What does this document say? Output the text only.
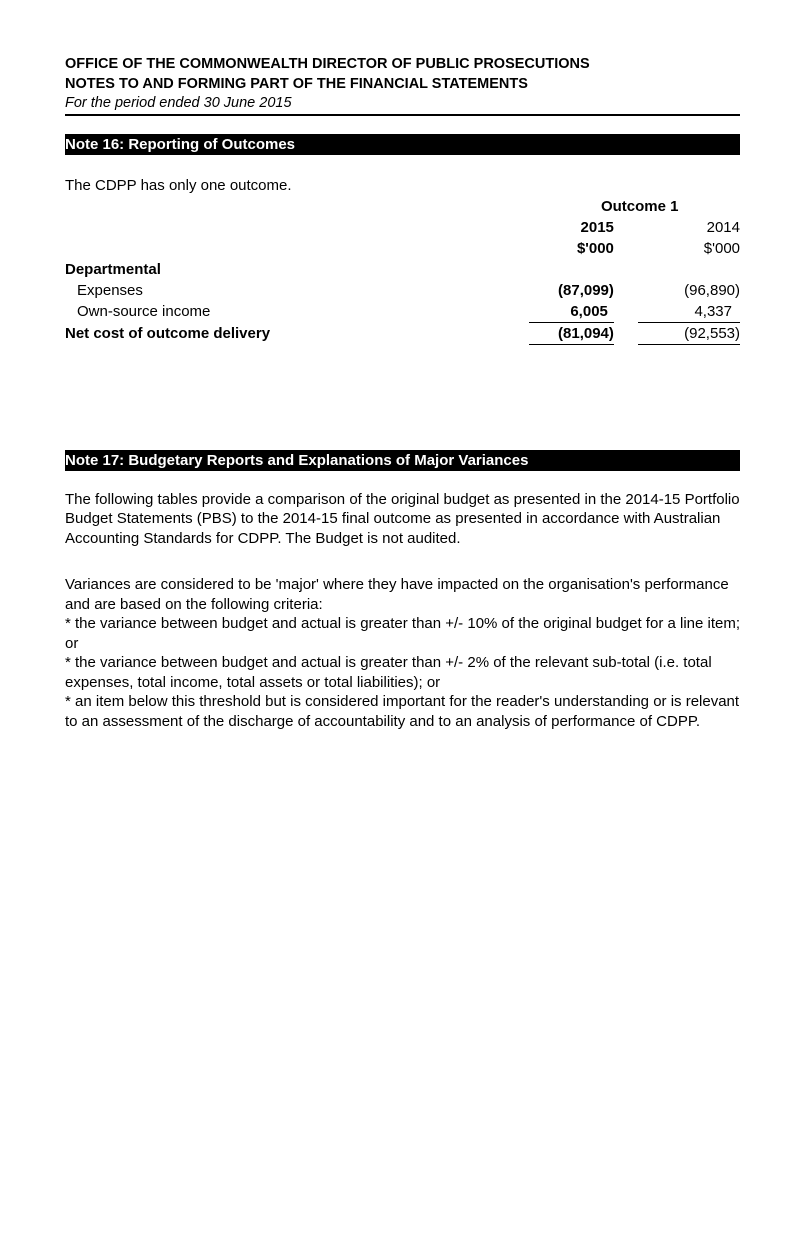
OFFICE OF THE COMMONWEALTH DIRECTOR OF PUBLIC PROSECUTIONS
NOTES TO AND FORMING PART OF THE FINANCIAL STATEMENTS
For the period ended 30 June 2015
Note 16: Reporting of Outcomes
The CDPP has only one outcome.
	Outcome 1		
	2015		2014
	$'000		$'000
Departmental			
Expenses	(87,099)		(96,890)
Own-source income	6,005		4,337
Net cost of outcome delivery	(81,094)		(92,553)
Note 17: Budgetary Reports and Explanations of Major Variances
The following tables provide a comparison of the original budget as presented in the 2014-15 Portfolio Budget Statements (PBS) to the 2014-15 final outcome as presented in accordance with Australian Accounting Standards for CDPP. The Budget is not audited.
Variances are considered to be 'major' where they have impacted on the organisation's performance and are based on the following criteria:
* the variance between budget and actual is greater than +/- 10% of the original budget for a line item; or
* the variance between budget and actual is greater than +/- 2% of the relevant sub-total (i.e. total expenses, total income, total assets or total liabilities); or
* an item below this threshold but is considered important for the reader's understanding or is relevant to an assessment of the discharge of accountability and to an analysis of performance of CDPP.
